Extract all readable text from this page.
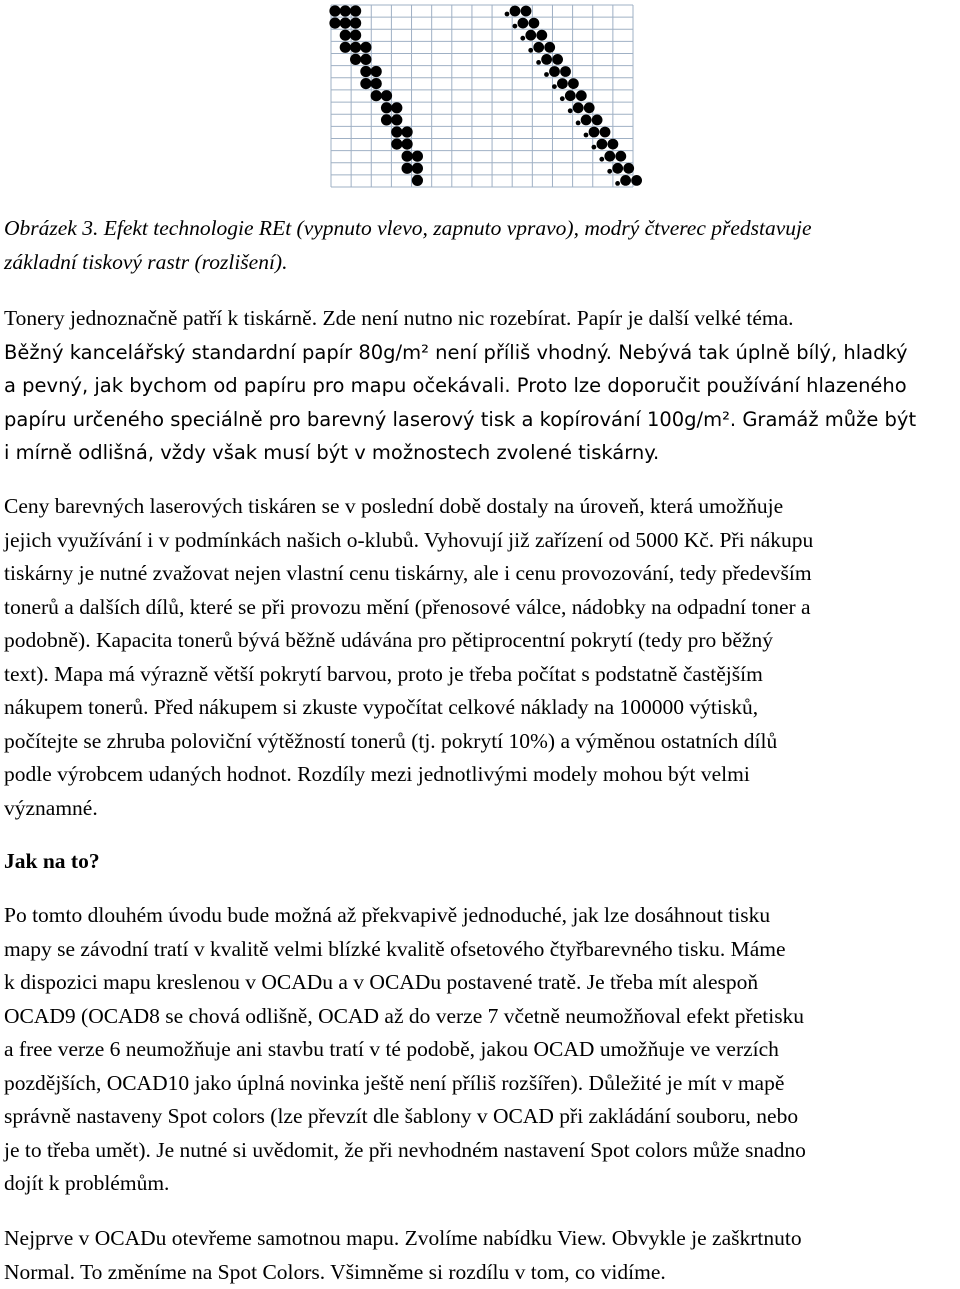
Obrázek 3. Efekt technologie REt (vypnuto vlevo, zapnuto vpravo), modrý čtverec představuje
základní tiskový rastr (rozlišení).
Tonery jednoznačně patří k tiskárně. Zde není nutno nic rozebírat. Papír je další velké téma.
Běžný kancelářský standardní papír 80g/m² není příliš vhodný. Nebývá tak úplně bílý, hladký
a pevný, jak bychom od papíru pro mapu očekávali. Proto lze doporučit používání hlazeného
papíru určeného speciálně pro barevný laserový tisk a kopírování 100g/m². Gramáž může být
i mírně odlišná, vždy však musí být v možnostech zvolené tiskárny.
Ceny barevných laserových tiskáren se v poslední době dostaly na úroveň, která umožňuje
jejich využívání i v podmínkách našich o-klubů. Vyhovují již zařízení od 5000 Kč. Při nákupu
tiskárny je nutné zvažovat nejen vlastní cenu tiskárny, ale i cenu provozování, tedy především
tonerů a dalších dílů, které se při provozu mění (přenosové válce, nádobky na odpadní toner a
podobně). Kapacita tonerů bývá běžně udávána pro pětiprocentní pokrytí (tedy pro běžný
text). Mapa má výrazně větší pokrytí barvou, proto je třeba počítat s podstatně častějším
nákupem tonerů. Před nákupem si zkuste vypočítat celkové náklady na 100000 výtisků,
počítejte se zhruba poloviční výtěžností tonerů (tj. pokrytí 10%) a výměnou ostatních dílů
podle výrobcem udaných hodnot. Rozdíly mezi jednotlivými modely mohou být velmi
významné.
Jak na to?
Po tomto dlouhém úvodu bude možná až překvapivě jednoduché, jak lze dosáhnout tisku
mapy se závodní tratí v kvalitě velmi blízké kvalitě ofsetového čtyřbarevného tisku. Máme
k dispozici mapu kreslenou v OCADu a v OCADu postavené tratě. Je třeba mít alespoň
OCAD9 (OCAD8 se chová odlišně, OCAD až do verze 7 včetně neumožňoval efekt přetisku
a free verze 6 neumožňuje ani stavbu tratí v té podobě, jakou OCAD umožňuje ve verzích
pozdějších, OCAD10 jako úplná novinka ještě není příliš rozšířen). Důležité je mít v mapě
správně nastaveny Spot colors (lze převzít dle šablony v OCAD při zakládání souboru, nebo
je to třeba umět). Je nutné si uvědomit, že při nevhodném nastavení Spot colors může snadno
dojít k problémům.
Nejprve v OCADu otevřeme samotnou mapu. Zvolíme nabídku View. Obvykle je zaškrtnuto
Normal. To změníme na Spot Colors. Všimněme si rozdílu v tom, co vidíme.
